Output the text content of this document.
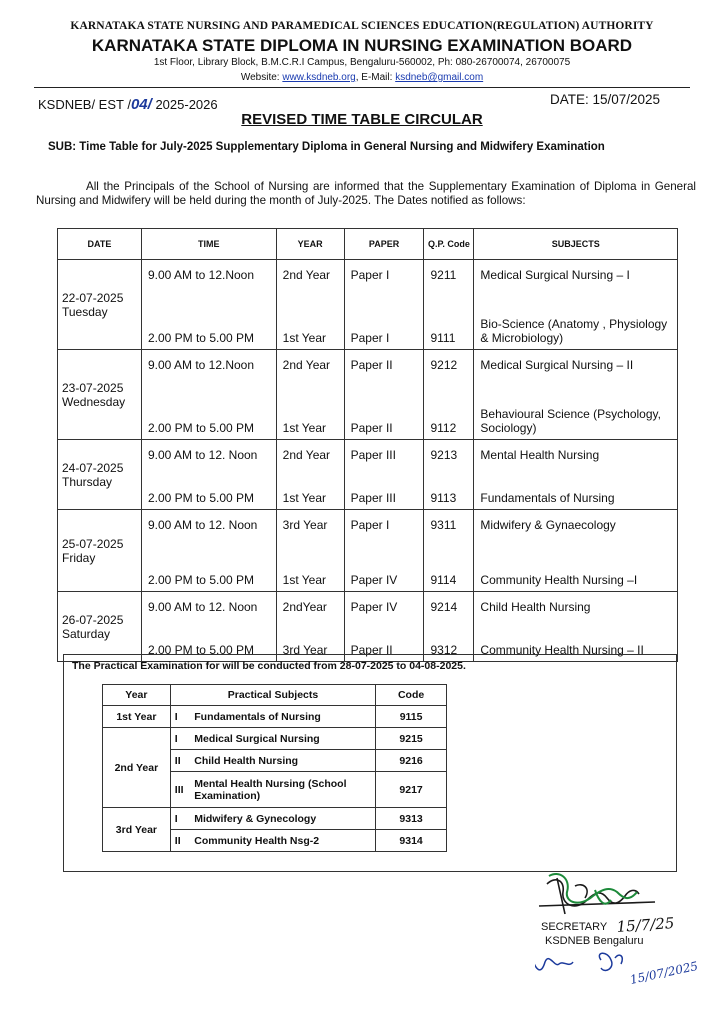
KARNATAKA STATE NURSING AND PARAMEDICAL SCIENCES EDUCATION(REGULATION) AUTHORITY
KARNATAKA STATE DIPLOMA IN NURSING EXAMINATION BOARD
1st Floor, Library Block, B.M.C.R.I Campus, Bengaluru-560002, Ph: 080-26700074, 26700075
Website: www.ksdneb.org, E-Mail: ksdneb@gmail.com
KSDNEB/ EST /04/ 2025-2026	DATE: 15/07/2025
REVISED TIME TABLE CIRCULAR
SUB: Time Table for July-2025 Supplementary Diploma in General Nursing and Midwifery Examination
All the Principals of the School of Nursing are informed that the Supplementary Examination of Diploma in General Nursing and Midwifery will be held during the month of July-2025. The Dates notified as follows:
DATE	TIME	YEAR	PAPER	Q.P. Code	SUBJECTS

22-07-2025
Tuesday	9.00 AM to 12.Noon	2nd Year	Paper I	9211	Medical Surgical Nursing – I

	2.00 PM to 5.00 PM	1st Year	Paper I	9111	Bio-Science (Anatomy , Physiology & Microbiology)

23-07-2025
Wednesday	9.00 AM to 12.Noon	2nd Year	Paper II	9212	Medical Surgical Nursing – II

	2.00 PM to 5.00 PM	1st Year	Paper II	9112	Behavioural Science (Psychology, Sociology)

24-07-2025
Thursday	9.00 AM to 12. Noon	2nd Year	Paper III	9213	Mental Health Nursing

	2.00 PM to 5.00 PM	1st Year	Paper III	9113	Fundamentals of Nursing

25-07-2025
Friday	9.00 AM to 12. Noon	3rd Year	Paper I	9311	Midwifery & Gynaecology

	2.00 PM to 5.00 PM	1st Year	Paper IV	9114	Community Health Nursing –I

26-07-2025
Saturday	9.00 AM to 12. Noon	2ndYear	Paper IV	9214	Child Health Nursing

	2.00 PM to 5.00 PM	3rd Year	Paper II	9312	Community Health Nursing – II
The Practical Examination for will be conducted from 28-07-2025 to 04-08-2025.
Year	Practical Subjects		Code
1st Year	I	Fundamentals of Nursing	9115
2nd Year	I	Medical Surgical Nursing	9215
	II	Child Health Nursing	9216
	III	Mental Health Nursing (School Examination)	9217
3rd Year	I	Midwifery & Gynecology	9313
	II	Community Health Nsg-2	9314
SECRETARY
KSDNEB Bengaluru
15/7/25
15/07/2025
